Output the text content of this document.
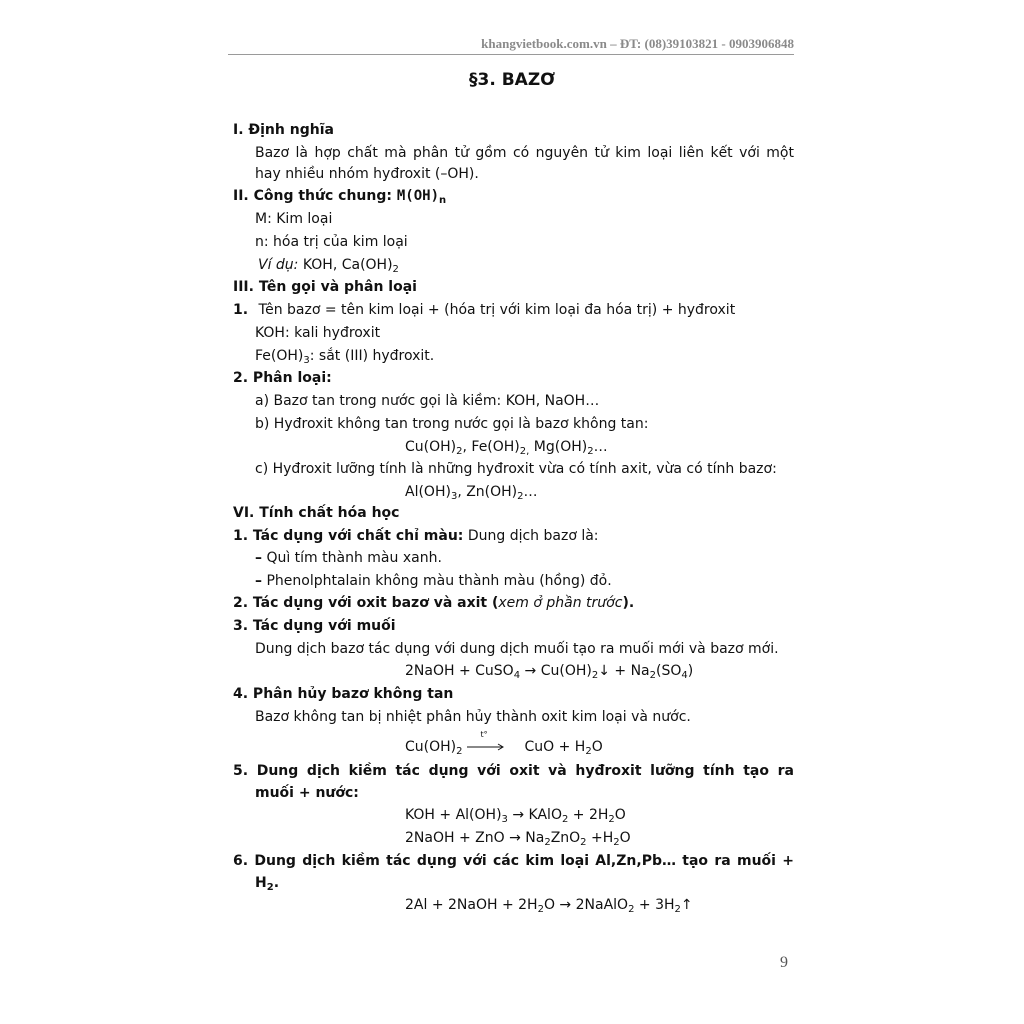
khangvietbook.com.vn – ĐT: (08)39103821 - 0903906848
§3. BAZƠ
I. Định nghĩa
Bazơ là hợp chất mà phân tử gồm có nguyên tử kim loại liên kết với một
hay nhiều nhóm hyđroxit (–OH).
II. Công thức chung: $M(OH)_n$
M: Kim loại
n: hóa trị của kim loại
Ví dụ: KOH, $Ca(OH)_2$
III. Tên gọi và phân loại
1. Tên bazơ = tên kim loại + (hóa trị với kim loại đa hóa trị) + hyđroxit
KOH: kali hyđroxit
$Fe(OH)_3$: sắt (III) hyđroxit.
2. Phân loại:
a) Bazơ tan trong nước gọi là kiềm: KOH, NaOH…
b) Hyđroxit không tan trong nước gọi là bazơ không tan:
$Cu(OH)_2$, $Fe(OH)_{2,}$ $Mg(OH)_2\dots$
c) Hyđroxit lưỡng tính là những hyđroxit vừa có tính axit, vừa có tính bazơ:
$Al(OH)_3$, $Zn(OH)_2\dots$
VI. Tính chất hóa học
1. Tác dụng với chất chỉ màu: Dung dịch bazơ là:
– Quì tím thành màu xanh.
– Phenolphtalain không màu thành màu (hồng) đỏ.
2. Tác dụng với oxit bazơ và axit (xem ở phần trước).
3. Tác dụng với muối
Dung dịch bazơ tác dụng với dung dịch muối tạo ra muối mới và bazơ mới.
2NaOH + CuSO$_4$ → $Cu(OH)_2↓ + Na_2(SO_4)$
4. Phân hủy bazơ không tan
Bazơ không tan bị nhiệt phân hủy thành oxit kim loại và nước.
$Cu(OH)_2$
t°
CuO + $H_2O$
5. Dung dịch kiềm tác dụng với oxit và hyđroxit lưỡng tính tạo ra
muối + nước:
KOH + $Al(OH)_3$ → KAlO$_2$ + $2H_2O$
2NaOH + ZnO → $Na_2ZnO_2 +H_2O$
6. Dung dịch kiềm tác dụng với các kim loại Al,Zn,Pb… tạo ra muối +
$H_2$.
2Al + 2NaOH + $2H_2O$ → 2NaAlO$_2$ + $3H_2↑$
9
